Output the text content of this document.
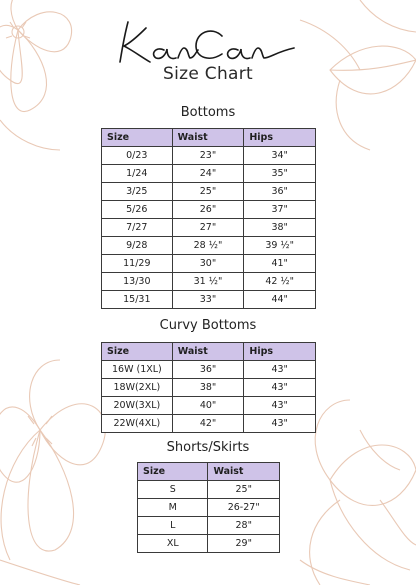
Size Chart
Bottoms
Size	Waist	Hips
0/23	23"	34"
1/24	24"	35"
3/25	25"	36"
5/26	26"	37"
7/27	27"	38"
9/28	28 ½"	39 ½"
11/29	30"	41"
13/30	31 ½"	42 ½"
15/31	33"	44"
Curvy Bottoms
Size	Waist	Hips
16W (1XL)	36"	43"
18W(2XL)	38"	43"
20W(3XL)	40"	43"
22W(4XL)	42"	43"
Shorts/Skirts
Size	Waist
S	25"
M	26-27"
L	28"
XL	29"
